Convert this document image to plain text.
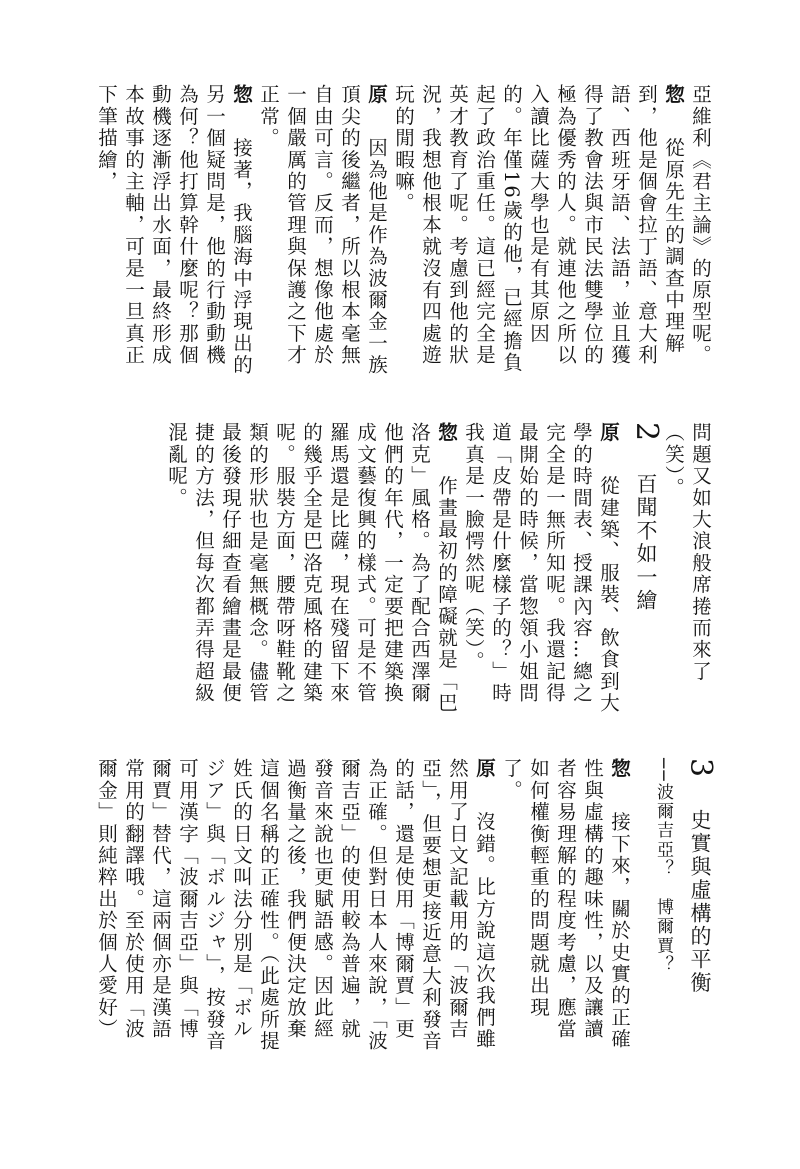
亞維利《君主論》的原型呢。
惣　從原先生的調查中理解到，他是個會拉丁語、意大利語、西班牙語、法語，並且獲得了教會法與市民法雙學位的極為優秀的人。就連他之所以入讀比薩大學也是有其原因的。年僅16歲的他，已經擔負起了政治重任。這已經完全是英才教育了呢。考慮到他的狀況，我想他根本就沒有四處遊玩的閒暇嘛。
原　因為他是作為波爾金一族頂尖的後繼者，所以根本毫無自由可言。反而，想像他處於一個嚴厲的管理與保護之下才正常。
惣　接著，我腦海中浮現出的另一個疑問是，他的行動動機為何？他打算幹什麼呢？那個動機逐漸浮出水面，最終形成本故事的主軸，可是一旦真正下筆描繪，
問題又如大浪般席捲而來了（笑）。
2　百聞不如一繪
原　從建築、服裝、飲食到大學的時間表、授課內容…總之完全是一無所知呢。我還記得最開始的時候，當惣領小姐問道「皮帶是什麼樣子的？」時我真是一臉愕然呢（笑）。
惣　作畫最初的障礙就是「巴洛克」風格。為了配合西澤爾他們的年代，一定要把建築換成文藝復興的樣式。可是不管羅馬還是比薩，現在殘留下來的幾乎全是巴洛克風格的建築呢。服裝方面，腰帶呀鞋靴之類的形狀也是毫無概念。儘管最後發現仔細查看繪畫是最便捷的方法，但每次都弄得超級混亂呢。
3　史實與虛構的平衡
──波爾吉亞？　博爾賈？
惣　接下來，關於史實的正確性與虛構的趣味性，以及讓讀者容易理解的程度考慮，應當如何權衡輕重的問題就出現了。
原　沒錯。比方說這次我們雖然用了日文記載用的「波爾吉亞」，但要想更接近意大利發音的話，還是使用「博爾賈」更為正確。但對日本人來說，「波爾吉亞」的使用較為普遍，就發音來說也更賦語感。因此經過衡量之後，我們便決定放棄這個名稱的正確性。（此處所提姓氏的日文叫法分別是「ボルジア」與「ボルジャ」，按發音可用漢字「波爾吉亞」與「博爾賈」替代，這兩個亦是漢語常用的翻譯哦。至於使用「波爾金」則純粹出於個人愛好）
